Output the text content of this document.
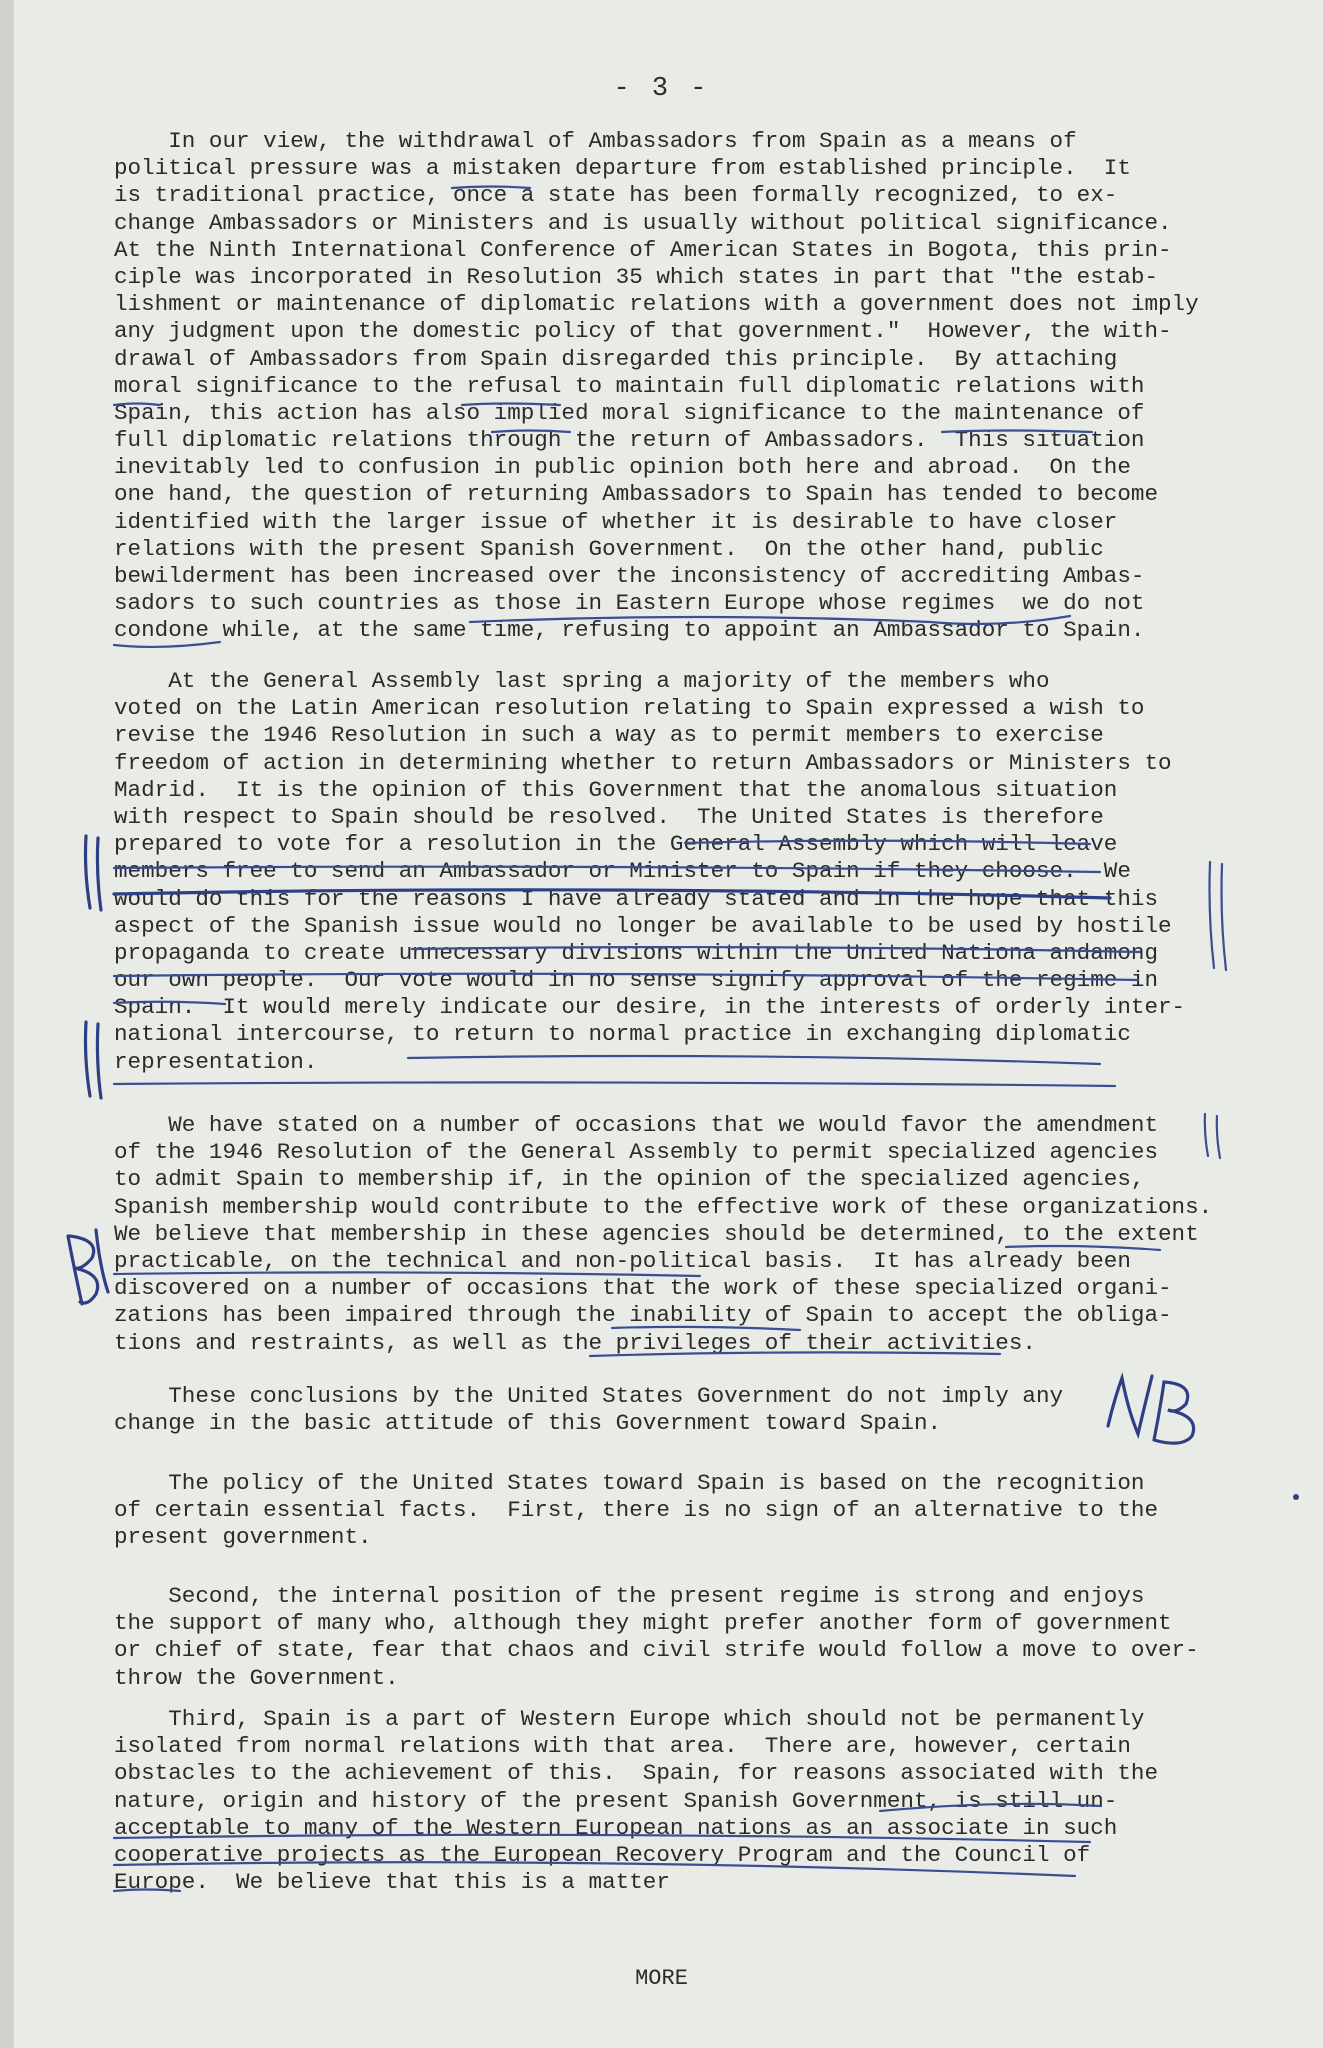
- 3 -
In our view, the withdrawal of Ambassadors from Spain as a means of
political pressure was a mistaken departure from established principle.  It
is traditional practice, once a state has been formally recognized, to ex-
change Ambassadors or Ministers and is usually without political significance.
At the Ninth International Conference of American States in Bogota, this prin-
ciple was incorporated in Resolution 35 which states in part that "the estab-
lishment or maintenance of diplomatic relations with a government does not imply
any judgment upon the domestic policy of that government."  However, the with-
drawal of Ambassadors from Spain disregarded this principle.  By attaching
moral significance to the refusal to maintain full diplomatic relations with
Spain, this action has also implied moral significance to the maintenance of
full diplomatic relations through the return of Ambassadors.  This situation
inevitably led to confusion in public opinion both here and abroad.  On the
one hand, the question of returning Ambassadors to Spain has tended to become
identified with the larger issue of whether it is desirable to have closer
relations with the present Spanish Government.  On the other hand, public
bewilderment has been increased over the inconsistency of accrediting Ambas-
sadors to such countries as those in Eastern Europe whose regimes  we do not
condone while, at the same time, refusing to appoint an Ambassador to Spain.
At the General Assembly last spring a majority of the members who
voted on the Latin American resolution relating to Spain expressed a wish to
revise the 1946 Resolution in such a way as to permit members to exercise
freedom of action in determining whether to return Ambassadors or Ministers to
Madrid.  It is the opinion of this Government that the anomalous situation
with respect to Spain should be resolved.  The United States is therefore
prepared to vote for a resolution in the General Assembly which will leave
members free to send an Ambassador or Minister to Spain if they choose.  We
would do this for the reasons I have already stated and in the hope that this
aspect of the Spanish issue would no longer be available to be used by hostile
propaganda to create unnecessary divisions within the United Nationa andamong
our own people.  Our vote would in no sense signify approval of the regime in
Spain.  It would merely indicate our desire, in the interests of orderly inter-
national intercourse, to return to normal practice in exchanging diplomatic
representation.
We have stated on a number of occasions that we would favor the amendment
of the 1946 Resolution of the General Assembly to permit specialized agencies
to admit Spain to membership if, in the opinion of the specialized agencies,
Spanish membership would contribute to the effective work of these organizations.
We believe that membership in these agencies should be determined, to the extent
practicable, on the technical and non-political basis.  It has already been
discovered on a number of occasions that the work of these specialized organi-
zations has been impaired through the inability of Spain to accept the obliga-
tions and restraints, as well as the privileges of their activities.
These conclusions by the United States Government do not imply any
change in the basic attitude of this Government toward Spain.
The policy of the United States toward Spain is based on the recognition
of certain essential facts.  First, there is no sign of an alternative to the
present government.
Second, the internal position of the present regime is strong and enjoys
the support of many who, although they might prefer another form of government
or chief of state, fear that chaos and civil strife would follow a move to over-
throw the Government.
Third, Spain is a part of Western Europe which should not be permanently
isolated from normal relations with that area.  There are, however, certain
obstacles to the achievement of this.  Spain, for reasons associated with the
nature, origin and history of the present Spanish Government, is still un-
acceptable to many of the Western European nations as an associate in such
cooperative projects as the European Recovery Program and the Council of
Europe.  We believe that this is a matter
MORE
